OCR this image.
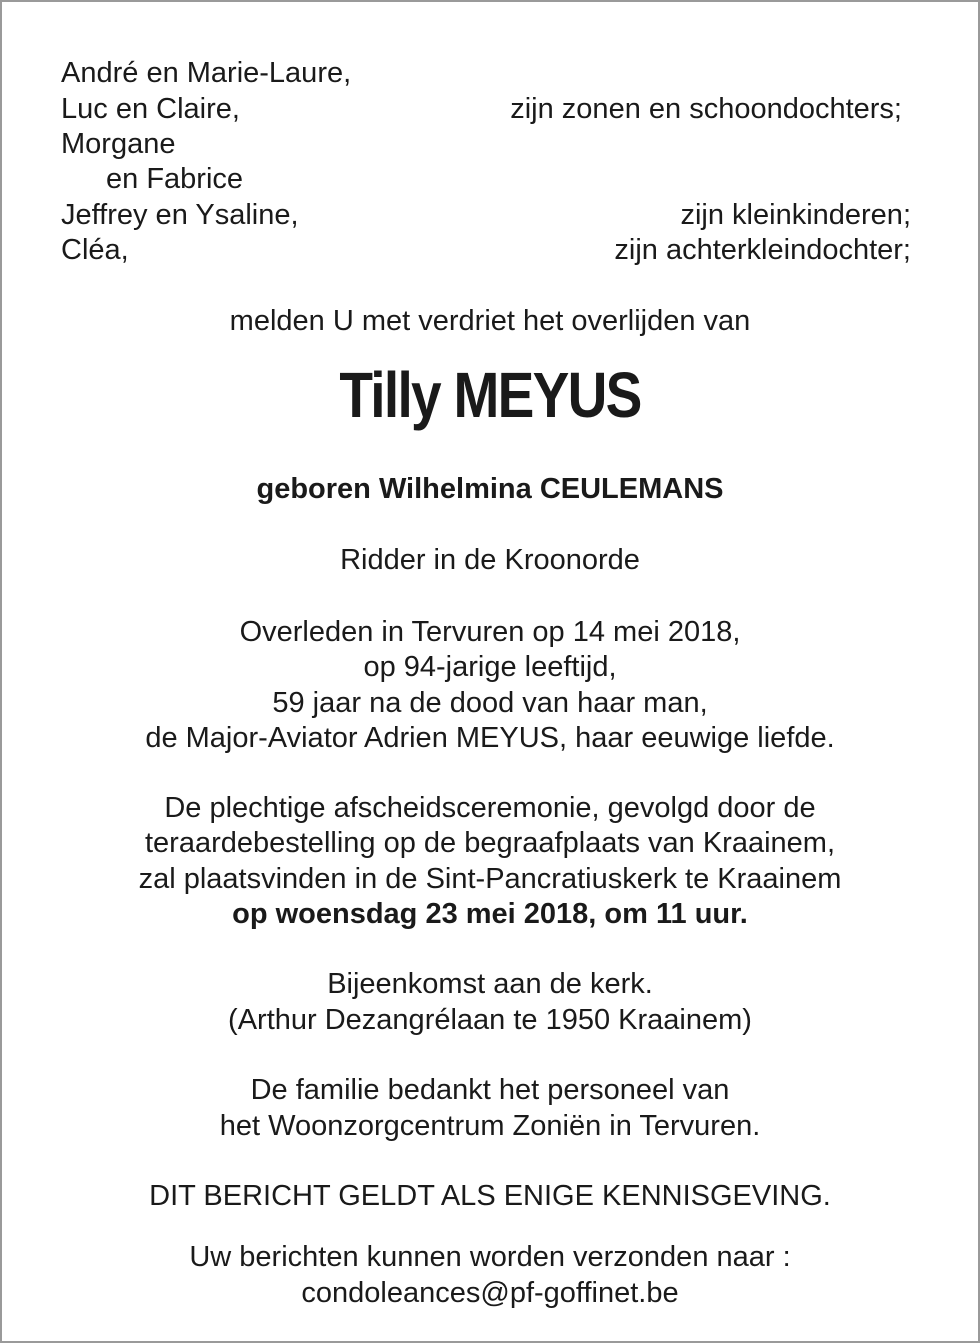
André en Marie-Laure,
Luc en Claire,	zijn zonen en schoondochters;
Morgane
en Fabrice
Jeffrey en Ysaline,	zijn kleinkinderen;
Cléa,	zijn achterkleindochter;
melden U met verdriet het overlijden van
Tilly MEYUS
geboren Wilhelmina CEULEMANS
Ridder in de Kroonorde
Overleden in Tervuren op 14 mei 2018,
op 94-jarige leeftijd,
59 jaar na de dood van haar man,
de Major-Aviator Adrien MEYUS, haar eeuwige liefde.
De plechtige afscheidsceremonie, gevolgd door de
teraardebestelling op de begraafplaats van Kraainem,
zal plaatsvinden in de Sint-Pancratiuskerk te Kraainem
op woensdag 23 mei 2018, om 11 uur.
Bijeenkomst aan de kerk.
(Arthur Dezangrélaan te 1950 Kraainem)
De familie bedankt het personeel van
het Woonzorgcentrum Zoniën in Tervuren.
DIT BERICHT GELDT ALS ENIGE KENNISGEVING.
Uw berichten kunnen worden verzonden naar :
condoleances@pf-goffinet.be
